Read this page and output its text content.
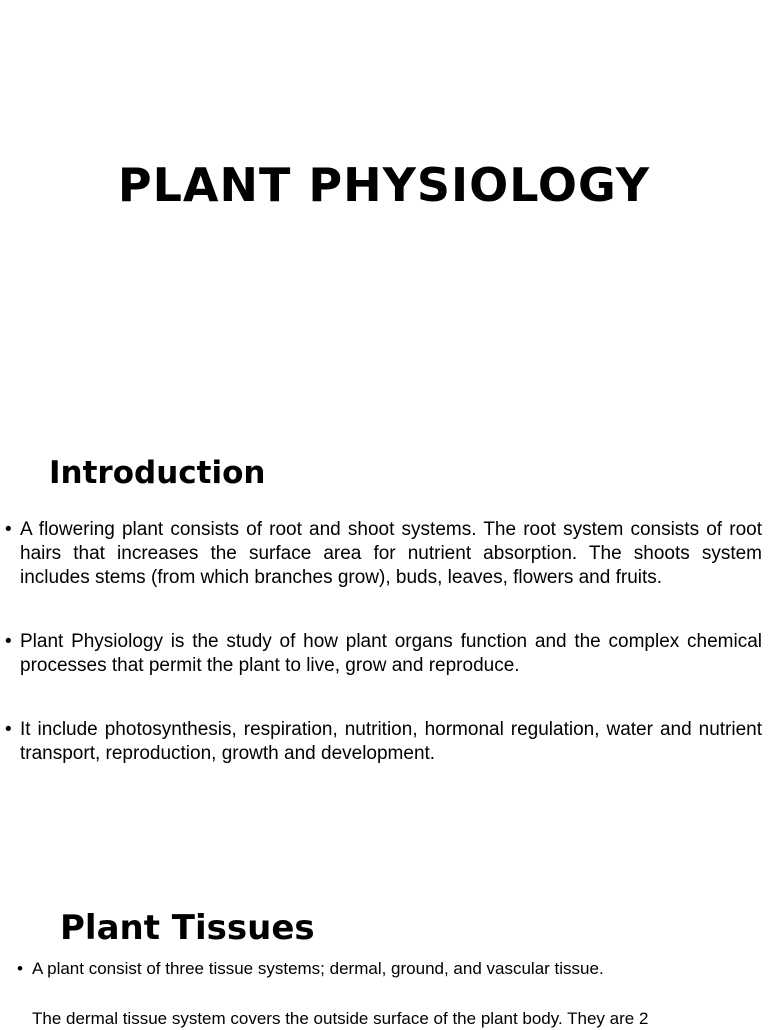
PLANT PHYSIOLOGY
Introduction
• A flowering plant consists of root and shoot systems. The root system consists of root hairs that increases the surface area for nutrient absorption. The shoots system includes stems (from which branches grow), buds, leaves, flowers and fruits.
• Plant Physiology is the study of how plant organs function and the complex chemical processes that permit the plant to live, grow and reproduce.
• It include photosynthesis, respiration, nutrition, hormonal regulation, water and nutrient transport, reproduction, growth and development.
Plant Tissues
• A plant consist of three tissue systems; dermal, ground, and vascular tissue.
The dermal tissue system covers the outside surface of the plant body. They are 2
